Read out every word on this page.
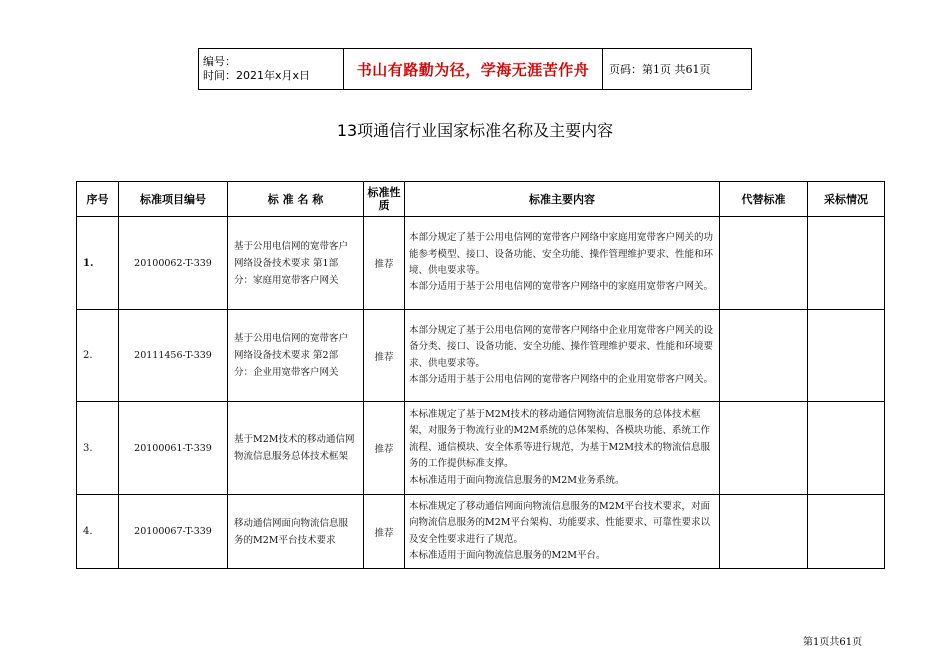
编号：
时间：2021年x月x日	书山有路勤为径，学海无涯苦作舟	页码：第1页 共61页
13项通信行业国家标准名称及主要内容
序号	标准项目编号	标 准 名 称	标准性质	标准主要内容	代替标准	采标情况
1.	20100062-T-339	基于公用电信网的宽带客户网络设备技术要求 第1部分：家庭用宽带客户网关	推荐	本部分规定了基于公用电信网的宽带客户网络中家庭用宽带客户网关的功能参考模型、接口、设备功能、安全功能、操作管理维护要求、性能和环境、供电要求等。
本部分适用于基于公用电信网的宽带客户网络中的家庭用宽带客户网关。		
2.	20111456-T-339	基于公用电信网的宽带客户网络设备技术要求 第2部分：企业用宽带客户网关	推荐	本部分规定了基于公用电信网的宽带客户网络中企业用宽带客户网关的设备分类、接口、设备功能、安全功能、操作管理维护要求、性能和环境要求、供电要求等。
本部分适用于基于公用电信网的宽带客户网络中的企业用宽带客户网关。		
3.	20100061-T-339	基于M2M技术的移动通信网物流信息服务总体技术框架	推荐	本标准规定了基于M2M技术的移动通信网物流信息服务的总体技术框架，对服务于物流行业的M2M系统的总体架构、各模块功能、系统工作流程、通信模块、安全体系等进行规范，为基于M2M技术的物流信息服务的工作提供标准支撑。
本标准适用于面向物流信息服务的M2M业务系统。		
4.	20100067-T-339	移动通信网面向物流信息服务的M2M平台技术要求	推荐	本标准规定了移动通信网面向物流信息服务的M2M平台技术要求，对面向物流信息服务的M2M平台架构、功能要求、性能要求、可靠性要求以及安全性要求进行了规范。
本标准适用于面向物流信息服务的M2M平台。		
第1页共61页
